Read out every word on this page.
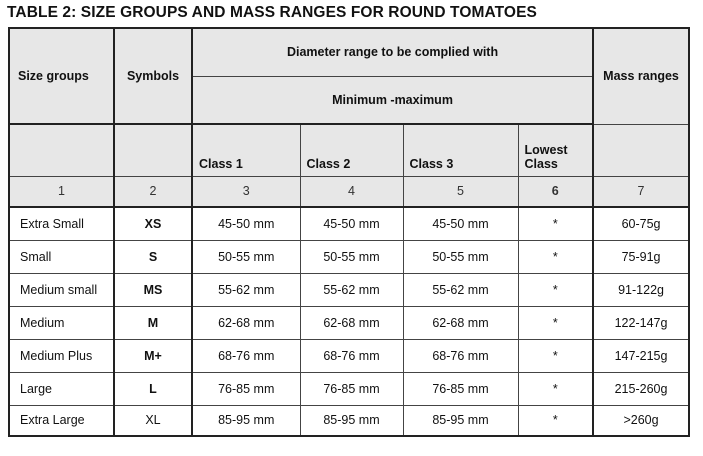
TABLE 2: SIZE GROUPS AND MASS RANGES FOR ROUND TOMATOES
Size groups	Symbols	Diameter range to be complied with				Mass ranges
		Minimum -maximum				
		Class 1	Class 2	Class 3	Lowest Class	
1	2	3	4	5	6	7
Extra Small	XS	45-50 mm	45-50 mm	45-50 mm	*	60-75g
Small	S	50-55 mm	50-55 mm	50-55 mm	*	75-91g
Medium small	MS	55-62 mm	55-62 mm	55-62 mm	*	91-122g
Medium	M	62-68 mm	62-68 mm	62-68 mm	*	122-147g
Medium Plus	M+	68-76 mm	68-76 mm	68-76 mm	*	147-215g
Large	L	76-85 mm	76-85 mm	76-85 mm	*	215-260g
Extra Large	XL	85-95 mm	85-95 mm	85-95 mm	*	>260g
